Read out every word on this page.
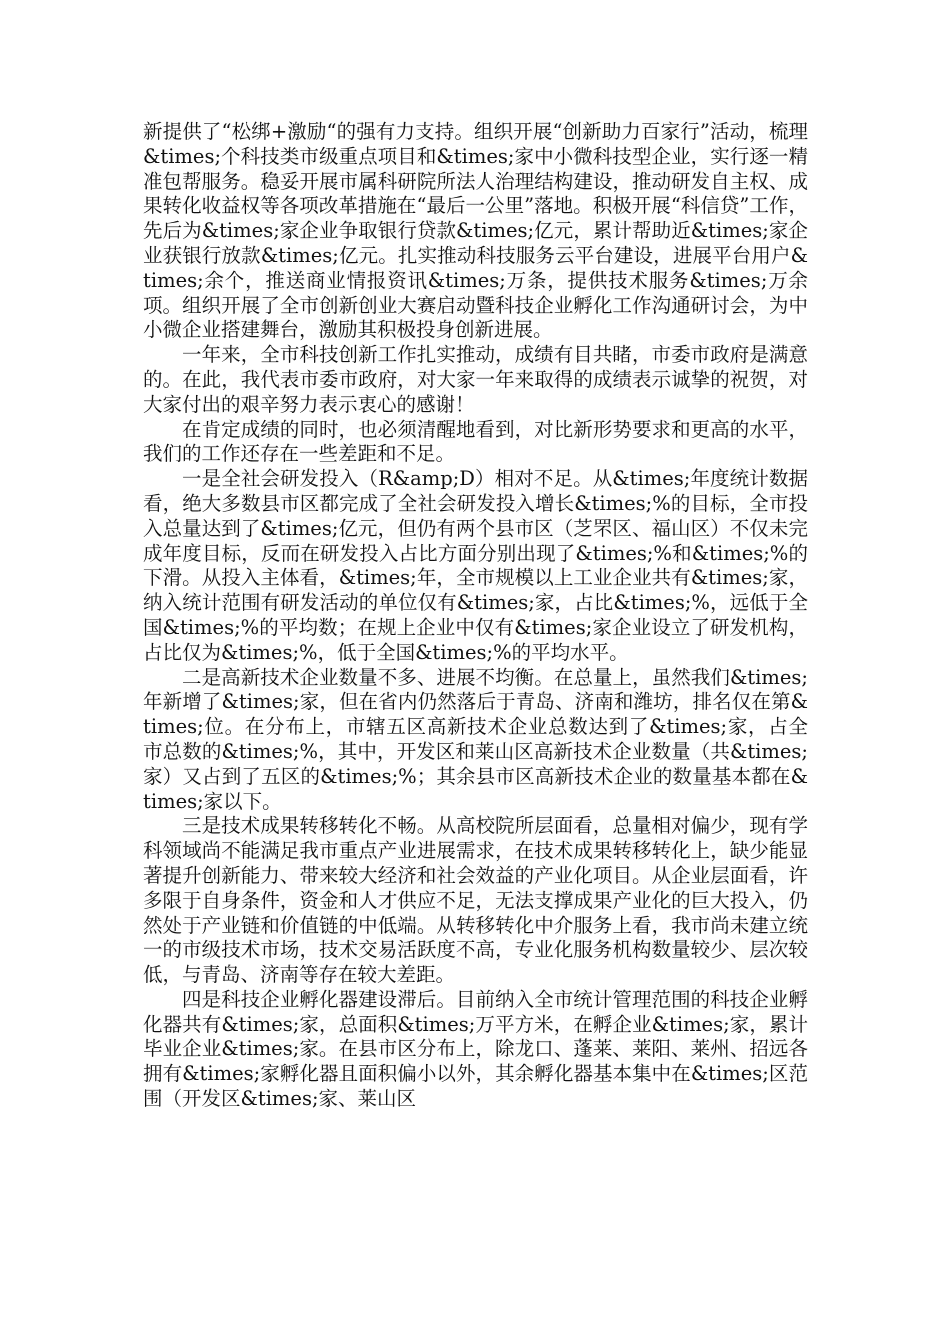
新提供了“松绑+激励“的强有力支持。组织开展“创新助力百家行”活动，梳理&times;个科技类市级重点项目和&times;家中小微科技型企业，实行逐一精准包帮服务。稳妥开展市属科研院所法人治理结构建设，推动研发自主权、成果转化收益权等各项改革措施在“最后一公里”落地。积极开展“科信贷”工作，先后为&times;家企业争取银行贷款&times;亿元，累计帮助近&times;家企业获银行放款&times;亿元。扎实推动科技服务云平台建设，进展平台用户&times;余个，推送商业情报资讯&times;万条，提供技术服务&times;万余项。组织开展了全市创新创业大赛启动暨科技企业孵化工作沟通研讨会，为中小微企业搭建舞台，激励其积极投身创新进展。

一年来，全市科技创新工作扎实推动，成绩有目共睹，市委市政府是满意的。在此，我代表市委市政府，对大家一年来取得的成绩表示诚挚的祝贺，对大家付出的艰辛努力表示衷心的感谢！

在肯定成绩的同时，也必须清醒地看到，对比新形势要求和更高的水平，我们的工作还存在一些差距和不足。

一是全社会研发投入（R&amp;D）相对不足。从&times;年度统计数据看，绝大多数县市区都完成了全社会研发投入增长&times;%的目标，全市投入总量达到了&times;亿元，但仍有两个县市区（芝罘区、福山区）不仅未完成年度目标，反而在研发投入占比方面分别出现了&times;%和&times;%的下滑。从投入主体看，&times;年，全市规模以上工业企业共有&times;家，纳入统计范围有研发活动的单位仅有&times;家，占比&times;%，远低于全国&times;%的平均数；在规上企业中仅有&times;家企业设立了研发机构，占比仅为&times;%，低于全国&times;%的平均水平。

二是高新技术企业数量不多、进展不均衡。在总量上，虽然我们&times;年新增了&times;家，但在省内仍然落后于青岛、济南和潍坊，排名仅在第&times;位。在分布上，市辖五区高新技术企业总数达到了&times;家，占全市总数的&times;%，其中，开发区和莱山区高新技术企业数量（共&times;家）又占到了五区的&times;%；其余县市区高新技术企业的数量基本都在&times;家以下。

三是技术成果转移转化不畅。从高校院所层面看，总量相对偏少，现有学科领域尚不能满足我市重点产业进展需求，在技术成果转移转化上，缺少能显著提升创新能力、带来较大经济和社会效益的产业化项目。从企业层面看，许多限于自身条件，资金和人才供应不足，无法支撑成果产业化的巨大投入，仍然处于产业链和价值链的中低端。从转移转化中介服务上看，我市尚未建立统一的市级技术市场，技术交易活跃度不高，专业化服务机构数量较少、层次较低，与青岛、济南等存在较大差距。

四是科技企业孵化器建设滞后。目前纳入全市统计管理范围的科技企业孵化器共有&times;家，总面积&times;万平方米，在孵企业&times;家，累计毕业企业&times;家。在县市区分布上，除龙口、蓬莱、莱阳、莱州、招远各拥有&times;家孵化器且面积偏小以外，其余孵化器基本集中在&times;区范围（开发区&times;家、莱山区
